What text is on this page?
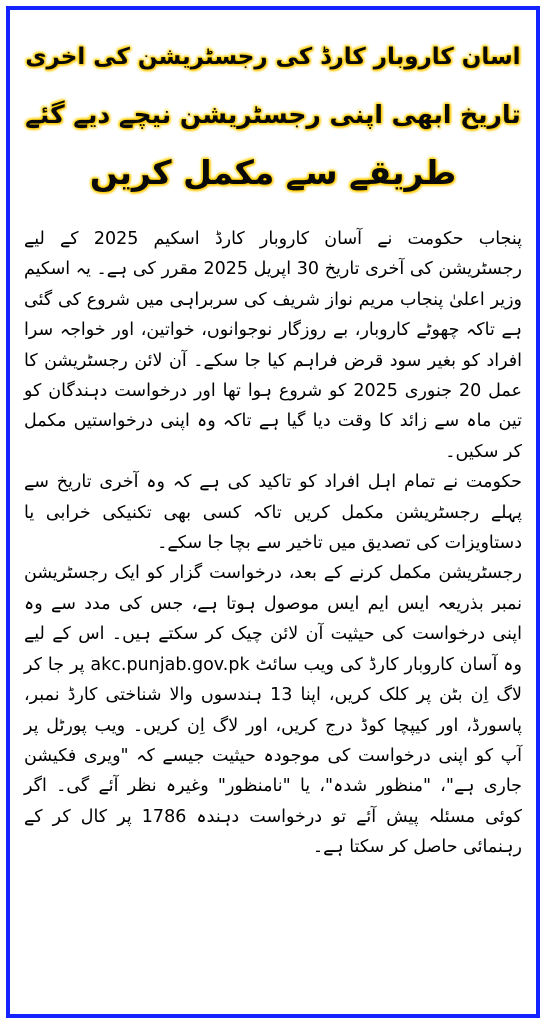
اسان کاروبار کارڈ کی رجسٹریشن کی اخری
تاریخ ابھی اپنی رجسٹریشن نیچے دیے گئے
طریقے سے مکمل کریں

پنجاب حکومت نے آسان کاروبار کارڈ اسکیم 2025 کے لیے رجسٹریشن کی آخری تاریخ 30 اپریل 2025 مقرر کی ہے۔ یہ اسکیم وزیر اعلیٰ پنجاب مریم نواز شریف کی سربراہی میں شروع کی گئی ہے تاکہ چھوٹے کاروبار، بے روزگار نوجوانوں، خواتین، اور خواجہ سرا افراد کو بغیر سود قرض فراہم کیا جا سکے۔ آن لائن رجسٹریشن کا عمل 20 جنوری 2025 کو شروع ہوا تھا اور درخواست دہندگان کو تین ماہ سے زائد کا وقت دیا گیا ہے تاکہ وہ اپنی درخواستیں مکمل کر سکیں۔

حکومت نے تمام اہل افراد کو تاکید کی ہے کہ وہ آخری تاریخ سے پہلے رجسٹریشن مکمل کریں تاکہ کسی بھی تکنیکی خرابی یا دستاویزات کی تصدیق میں تاخیر سے بچا جا سکے۔

رجسٹریشن مکمل کرنے کے بعد، درخواست گزار کو ایک رجسٹریشن نمبر بذریعہ ایس ایم ایس موصول ہوتا ہے، جس کی مدد سے وہ اپنی درخواست کی حیثیت آن لائن چیک کر سکتے ہیں۔ اس کے لیے وہ آسان کاروبار کارڈ کی ویب سائٹ akc.punjab.gov.pk پر جا کر لاگ اِن بٹن پر کلک کریں، اپنا 13 ہندسوں والا شناختی کارڈ نمبر، پاسورڈ، اور کیپچا کوڈ درج کریں، اور لاگ اِن کریں۔ ویب پورٹل پر آپ کو اپنی درخواست کی موجودہ حیثیت جیسے کہ "ویری فکیشن جاری ہے"، "منظور شدہ"، یا "نامنظور" وغیرہ نظر آئے گی۔ اگر کوئی مسئلہ پیش آئے تو درخواست دہندہ 1786 پر کال کر کے رہنمائی حاصل کر سکتا ہے۔
